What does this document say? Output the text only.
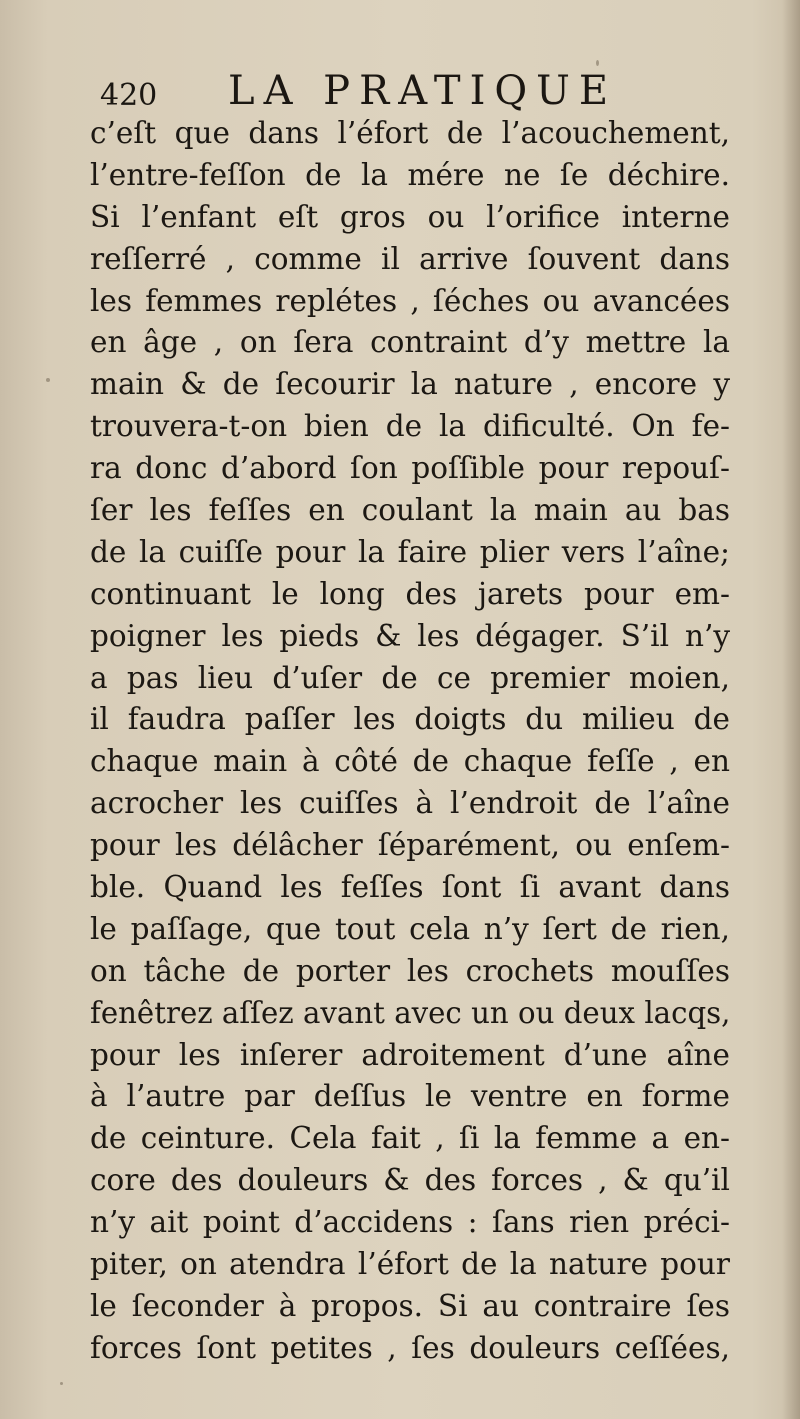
420 LA PRATIQUE
c’eſt que dans l’éfort de l’acouchement,
l’entre-feſſon de la mére ne ſe déchire.
Si l’enfant eſt gros ou l’orifice interne
reſſerré , comme il arrive ſouvent dans
les femmes replétes , ſéches ou avancées
en âge , on ſera contraint d’y mettre la
main & de ſecourir la nature , encore y
trouvera-t-on bien de la dificulté. On fe-
ra donc d’abord ſon poſſible pour repouſ-
ſer les feſſes en coulant la main au bas
de la cuiſſe pour la faire plier vers l’aîne;
continuant le long des jarets pour em-
poigner les pieds & les dégager. S’il n’y
a pas lieu d’uſer de ce premier moien,
il faudra paſſer les doigts du milieu de
chaque main à côté de chaque feſſe , en
acrocher les cuiſſes à l’endroit de l’aîne
pour les délâcher ſéparément, ou enſem-
ble. Quand les feſſes ſont ſi avant dans
le paſſage, que tout cela n’y ſert de rien,
on tâche de porter les crochets mouſſes
fenêtrez aſſez avant avec un ou deux lacqs,
pour les inſerer adroitement d’une aîne
à l’autre par deſſus le ventre en forme
de ceinture. Cela fait , ſi la femme a en-
core des douleurs & des forces , & qu’il
n’y ait point d’accidens : ſans rien préci-
piter, on atendra l’éfort de la nature pour
le ſeconder à propos. Si au contraire ſes
forces ſont petites , ſes douleurs ceſſées,
